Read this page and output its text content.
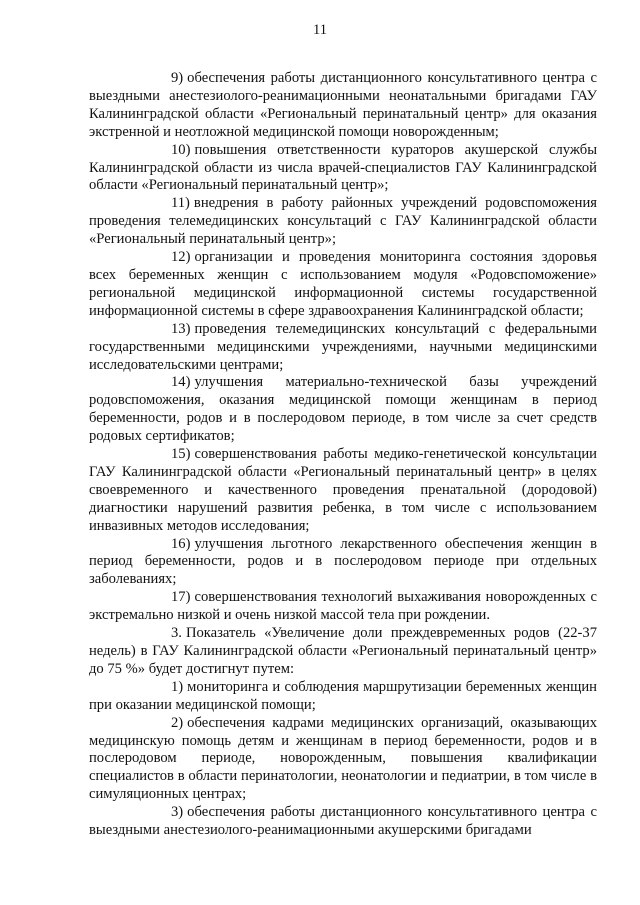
11

9) обеспечения работы дистанционного консультативного центра с выездными анестезиолого-реанимационными неонатальными бригадами ГАУ Калининградской области «Региональный перинатальный центр» для оказания экстренной и неотложной медицинской помощи новорожденным;

10) повышения ответственности кураторов акушерской службы Калининградской области из числа врачей-специалистов ГАУ Калининградской области «Региональный перинатальный центр»;

11) внедрения в работу районных учреждений родовспоможения проведения телемедицинских консультаций с ГАУ Калининградской области «Региональный перинатальный центр»;

12) организации и проведения мониторинга состояния здоровья всех беременных женщин с использованием модуля «Родовспоможение» региональной медицинской информационной системы государственной информационной системы в сфере здравоохранения Калининградской области;

13) проведения телемедицинских консультаций с федеральными государственными медицинскими учреждениями, научными медицинскими исследовательскими центрами;

14) улучшения материально-технической базы учреждений родовспоможения, оказания медицинской помощи женщинам в период беременности, родов и в послеродовом периоде, в том числе за счет средств родовых сертификатов;

15) совершенствования работы медико-генетической консультации ГАУ Калининградской области «Региональный перинатальный центр» в целях своевременного и качественного проведения пренатальной (дородовой) диагностики нарушений развития ребенка, в том числе с использованием инвазивных методов исследования;

16) улучшения льготного лекарственного обеспечения женщин в период беременности, родов и в послеродовом периоде при отдельных заболеваниях;

17) совершенствования технологий выхаживания новорожденных с экстремально низкой и очень низкой массой тела при рождении.

3. Показатель «Увеличение доли преждевременных родов (22-37 недель) в ГАУ Калининградской области «Региональный перинатальный центр» до 75 %» будет достигнут путем:

1) мониторинга и соблюдения маршрутизации беременных женщин при оказании медицинской помощи;

2) обеспечения кадрами медицинских организаций, оказывающих медицинскую помощь детям и женщинам в период беременности, родов и в послеродовом периоде, новорожденным, повышения квалификации специалистов в области перинатологии, неонатологии и педиатрии, в том числе в симуляционных центрах;

3) обеспечения работы дистанционного консультативного центра с выездными анестезиолого-реанимационными акушерскими бригадами
